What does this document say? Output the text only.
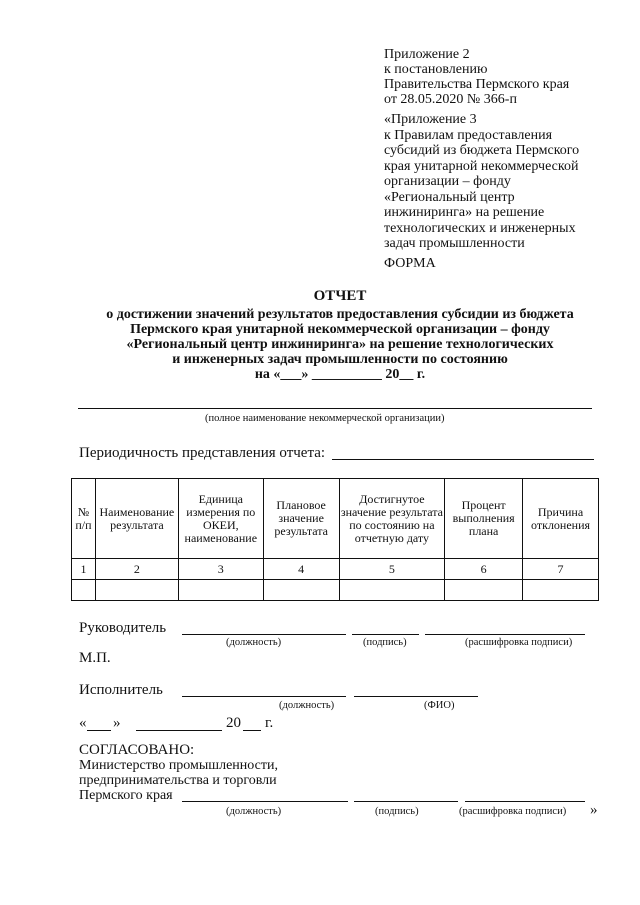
Приложение 2
к постановлению
Правительства Пермского края
от 28.05.2020 № 366-п
«Приложение 3
к Правилам предоставления
субсидий из бюджета Пермского
края унитарной некоммерческой
организации – фонду
«Региональный центр
инжиниринга» на решение
технологических и инженерных
задач промышленности
ФОРМА
ОТЧЕТ
о достижении значений результатов предоставления субсидии из бюджета
Пермского края унитарной некоммерческой организации – фонду
«Региональный центр инжиниринга» на решение технологических
и инженерных задач промышленности по состоянию
на «___» __________ 20__ г.
(полное наименование некоммерческой организации)
Периодичность представления отчета:
№ п/п	Наименование результата	Единица измерения по ОКЕИ, наименование	Плановое значение результата	Достигнутое значение результата по состоянию на отчетную дату	Процент выполнения плана	Причина отклонения
1	2	3	4	5	6	7

Руководитель
(должность)	(подпись)	(расшифровка подписи)
М.П.
Исполнитель
(должность)	(ФИО)
« »	20 г.
СОГЛАСОВАНО:
Министерство промышленности,
предпринимательства и торговли
Пермского края
(должность)	(подпись)	(расшифровка подписи) »
